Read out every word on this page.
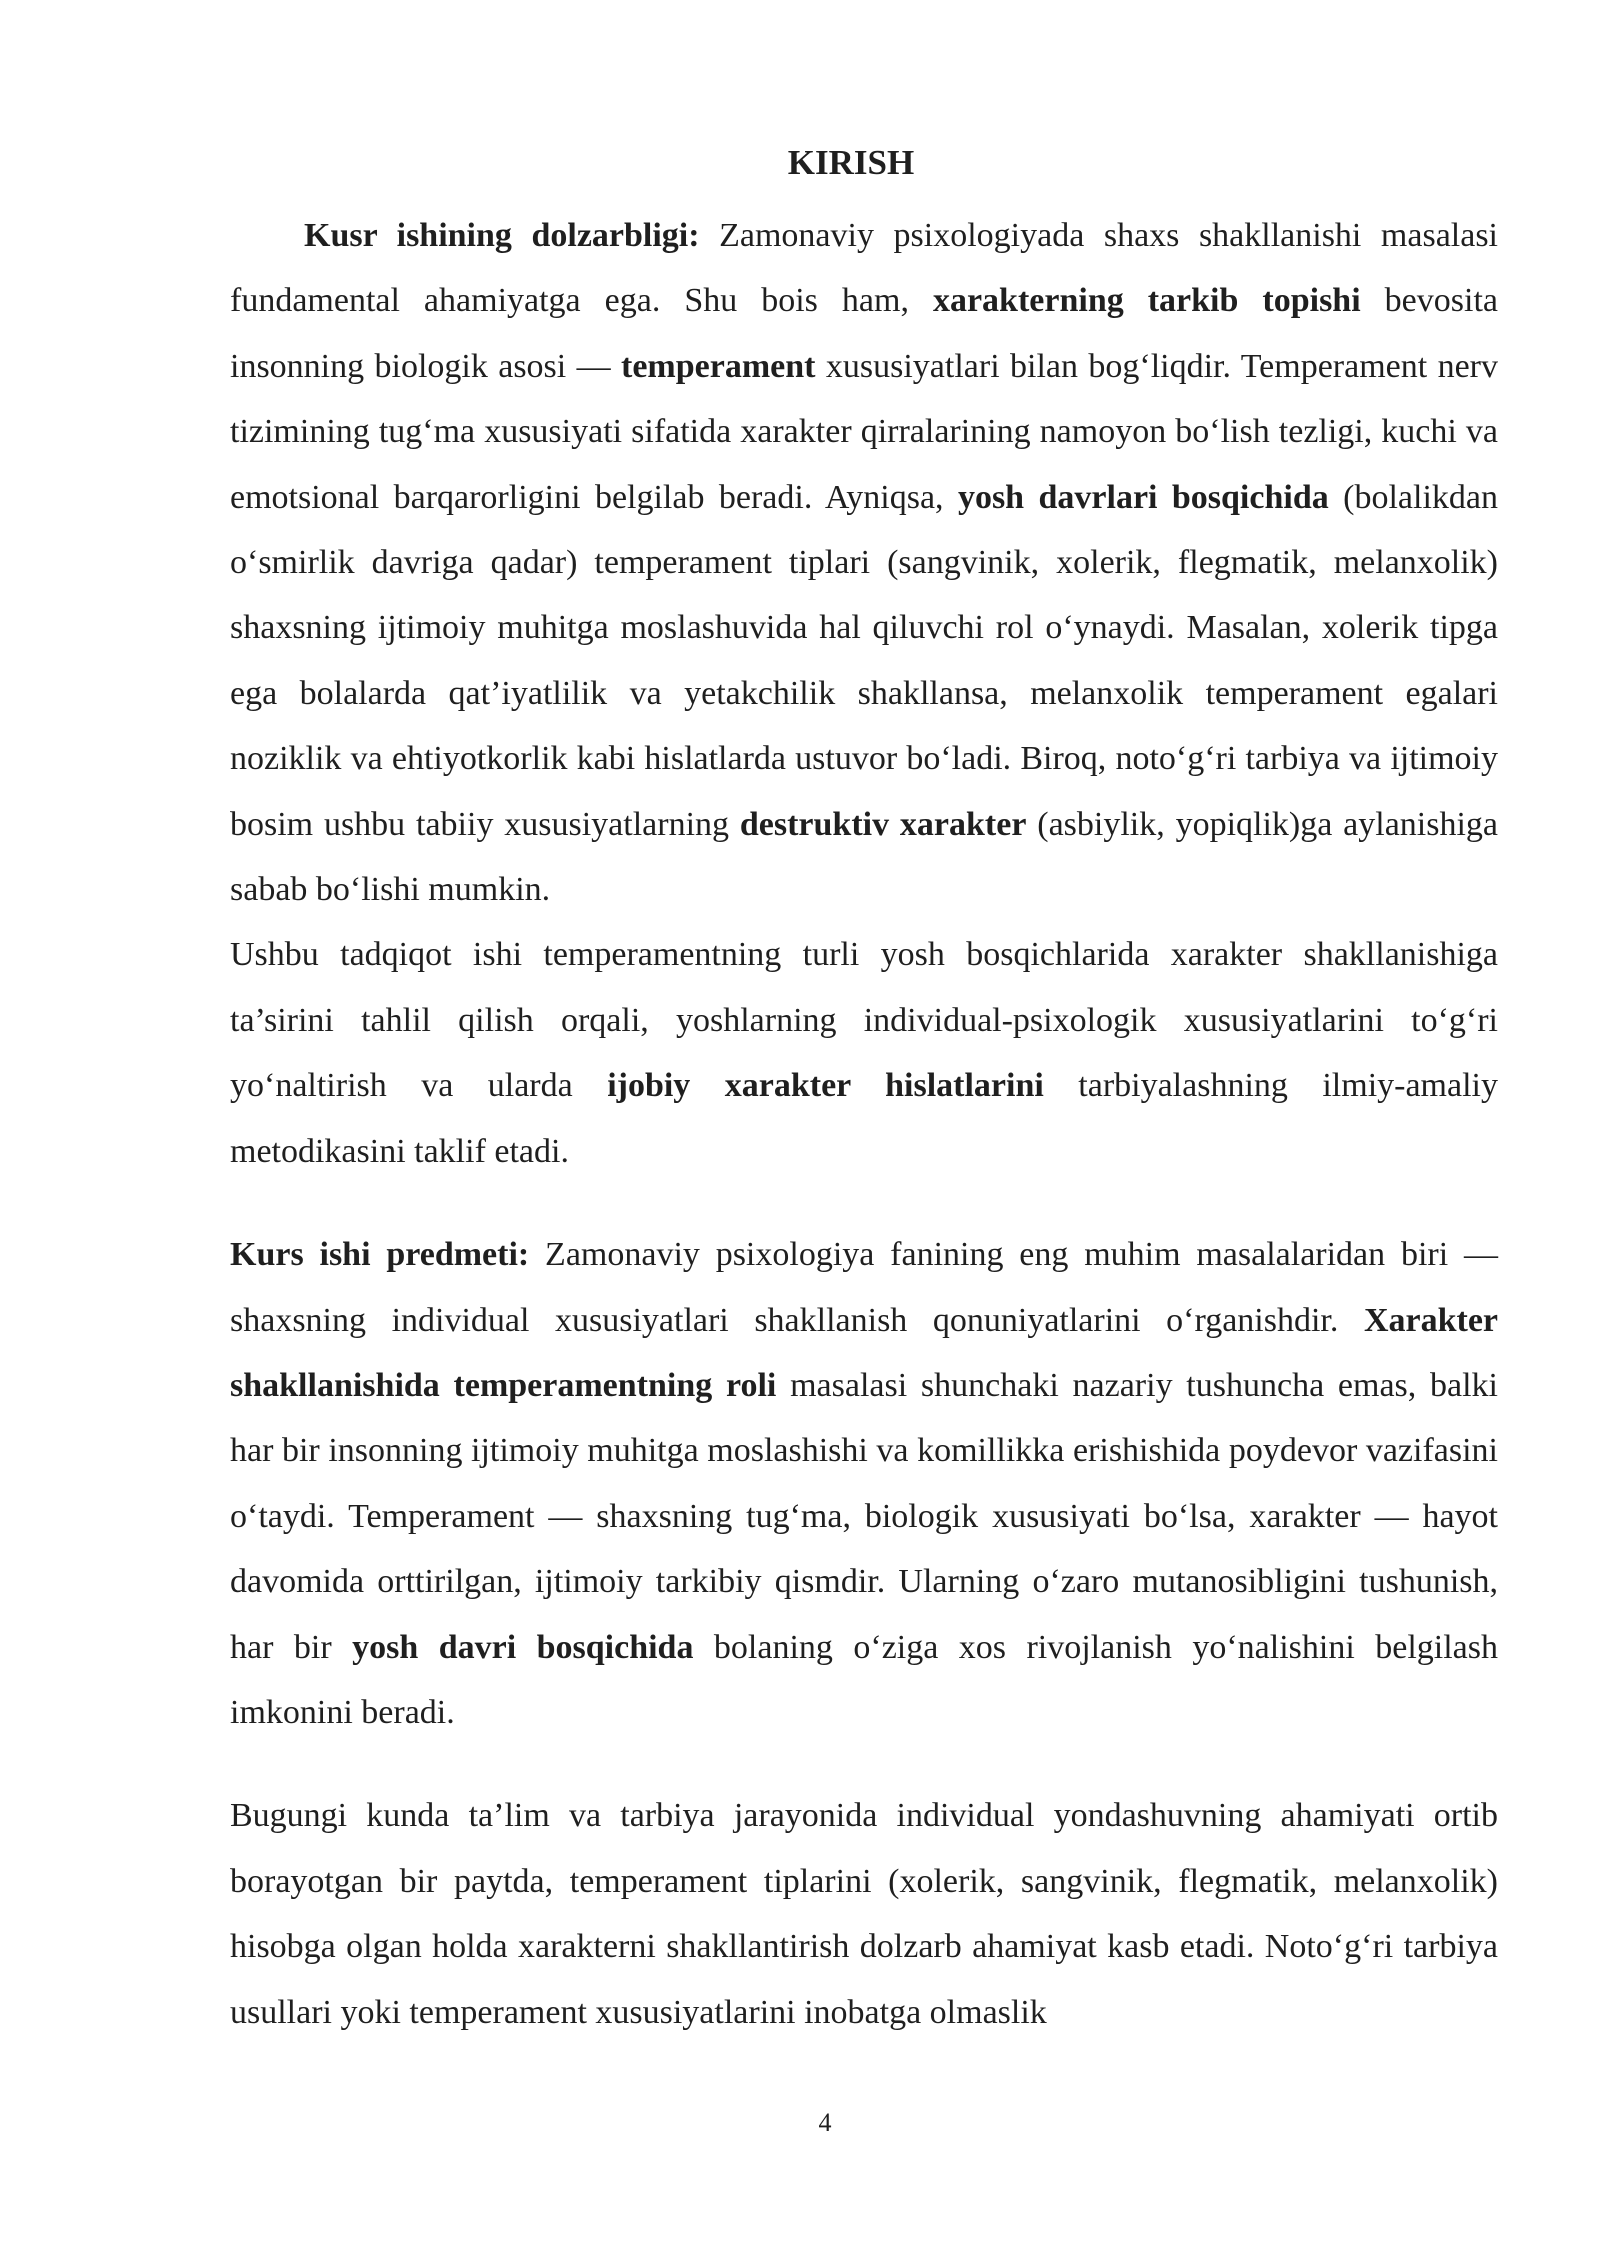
KIRISH

Kusr ishining dolzarbligi: Zamonaviy psixologiyada shaxs shakllanishi masalasi fundamental ahamiyatga ega. Shu bois ham, xarakterning tarkib topishi bevosita insonning biologik asosi — temperament xususiyatlari bilan bog‘liqdir. Temperament nerv tizimining tug‘ma xususiyati sifatida xarakter qirralarining namoyon bo‘lish tezligi, kuchi va emotsional barqarorligini belgilab beradi. Ayniqsa, yosh davrlari bosqichida (bolalikdan o‘smirlik davriga qadar) temperament tiplari (sangvinik, xolerik, flegmatik, melanxolik) shaxsning ijtimoiy muhitga moslashuvida hal qiluvchi rol o‘ynaydi. Masalan, xolerik tipga ega bolalarda qat’iyatlilik va yetakchilik shakllansa, melanxolik temperament egalari noziklik va ehtiyotkorlik kabi hislatlarda ustuvor bo‘ladi. Biroq, noto‘g‘ri tarbiya va ijtimoiy bosim ushbu tabiiy xususiyatlarning destruktiv xarakter (asbiylik, yopiqlik)ga aylanishiga sabab bo‘lishi mumkin.

Ushbu tadqiqot ishi temperamentning turli yosh bosqichlarida xarakter shakllanishiga ta’sirini tahlil qilish orqali, yoshlarning individual-psixologik xususiyatlarini to‘g‘ri yo‘naltirish va ularda ijobiy xarakter hislatlarini tarbiyalashning ilmiy-amaliy metodikasini taklif etadi.

Kurs ishi predmeti: Zamonaviy psixologiya fanining eng muhim masalalaridan biri — shaxsning individual xususiyatlari shakllanish qonuniyatlarini o‘rganishdir. Xarakter shakllanishida temperamentning roli masalasi shunchaki nazariy tushuncha emas, balki har bir insonning ijtimoiy muhitga moslashishi va komillikka erishishida poydevor vazifasini o‘taydi. Temperament — shaxsning tug‘ma, biologik xususiyati bo‘lsa, xarakter — hayot davomida orttirilgan, ijtimoiy tarkibiy qismdir. Ularning o‘zaro mutanosibligini tushunish, har bir yosh davri bosqichida bolaning o‘ziga xos rivojlanish yo‘nalishini belgilash imkonini beradi.

Bugungi kunda ta’lim va tarbiya jarayonida individual yondashuvning ahamiyati ortib borayotgan bir paytda, temperament tiplarini (xolerik, sangvinik, flegmatik, melanxolik) hisobga olgan holda xarakterni shakllantirish dolzarb ahamiyat kasb etadi. Noto‘g‘ri tarbiya usullari yoki temperament xususiyatlarini inobatga olmaslik

4
